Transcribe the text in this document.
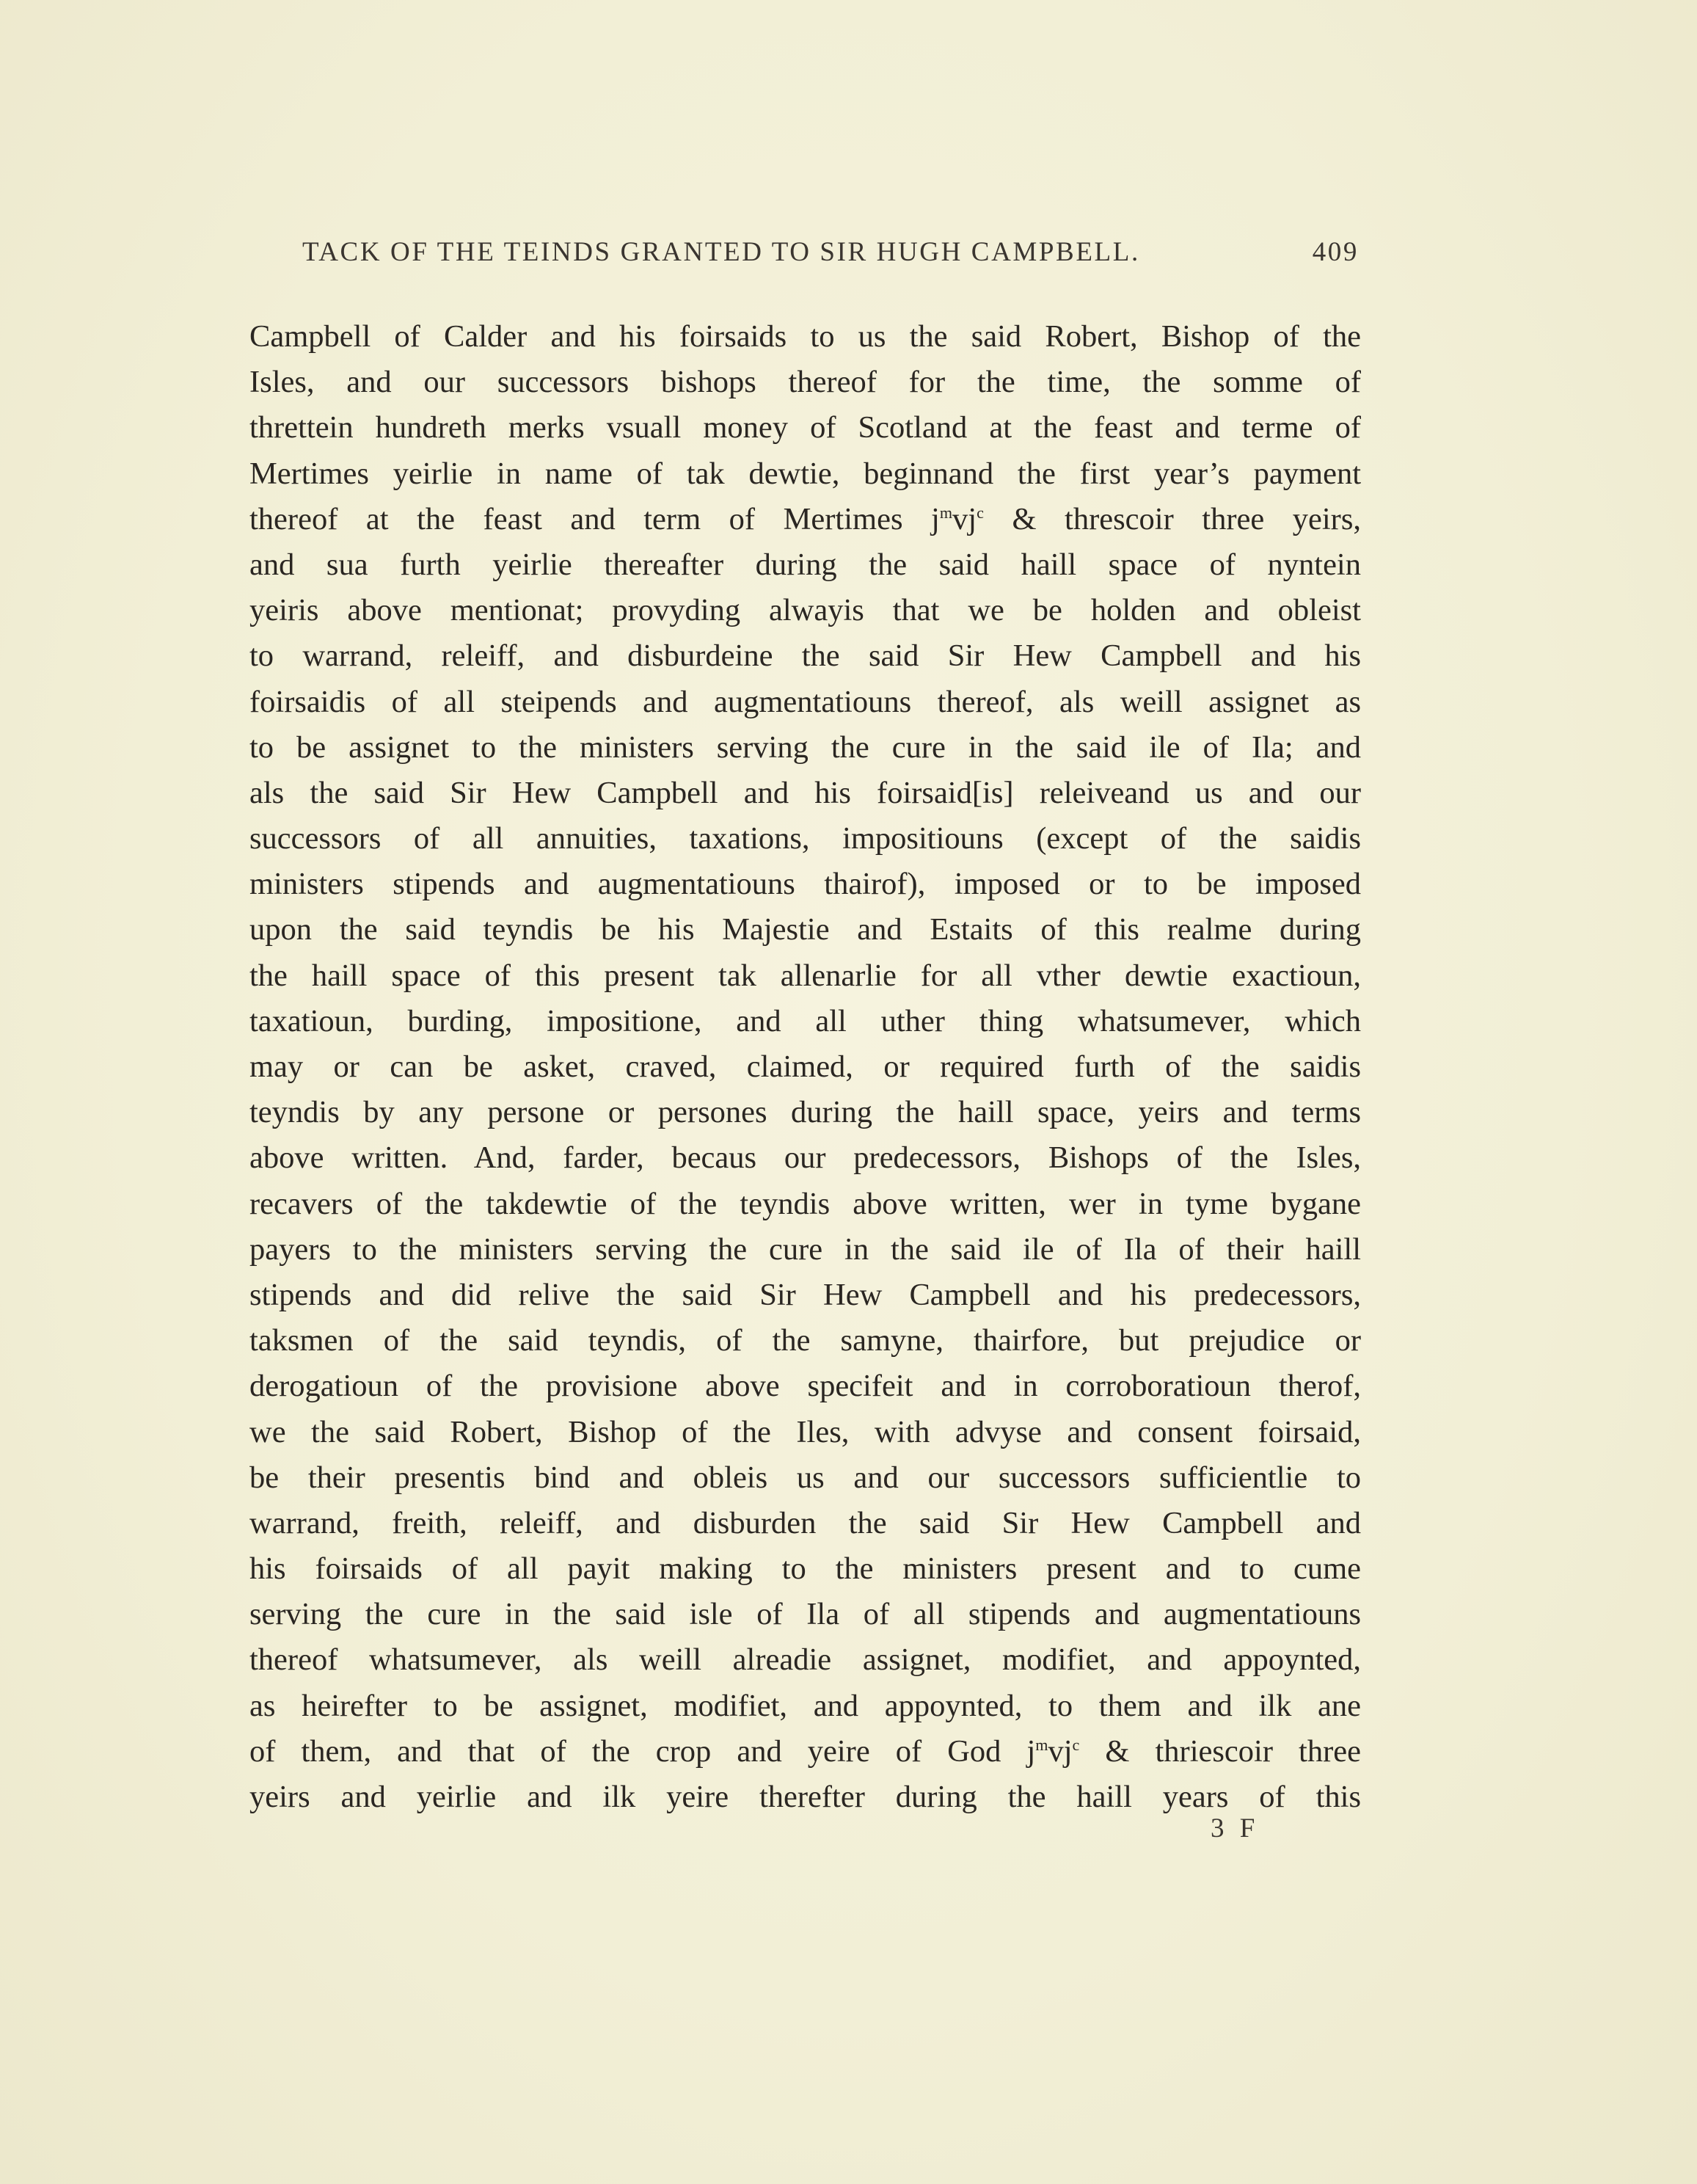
TACK OF THE TEINDS GRANTED TO SIR HUGH CAMPBELL.	409
Campbell of Calder and his foirsaids to us the said Robert, Bishop of the
Isles, and our successors bishops thereof for the time, the somme of
threttein hundreth merks vsuall money of Scotland at the feast and terme of
Mertimes yeirlie in name of tak dewtie, beginnand the first year’s payment
thereof at the feast and term of Mertimes $j^mvj^c$ & threscoir three yeirs,
and sua furth yeirlie thereafter during the said haill space of nyntein
yeiris above mentionat; provyding alwayis that we be holden and obleist
to warrand, releiff, and disburdeine the said Sir Hew Campbell and his
foirsaidis of all steipends and augmentatiouns thereof, als weill assignet as
to be assignet to the ministers serving the cure in the said ile of Ila; and
als the said Sir Hew Campbell and his foirsaid[is] releiveand us and our
successors of all annuities, taxations, impositiouns (except of the saidis
ministers stipends and augmentatiouns thairof), imposed or to be imposed
upon the said teyndis be his Majestie and Estaits of this realme during
the haill space of this present tak allenarlie for all vther dewtie exactioun,
taxatioun, burding, impositione, and all uther thing whatsumever, which
may or can be asket, craved, claimed, or required furth of the saidis
teyndis by any persone or persones during the haill space, yeirs and terms
above written. And, farder, becaus our predecessors, Bishops of the Isles,
recavers of the takdewtie of the teyndis above written, wer in tyme bygane
payers to the ministers serving the cure in the said ile of Ila of their haill
stipends and did relive the said Sir Hew Campbell and his predecessors,
taksmen of the said teyndis, of the samyne, thairfore, but prejudice or
derogatioun of the provisione above specifeit and in corroboratioun therof,
we the said Robert, Bishop of the Iles, with advyse and consent foirsaid,
be their presentis bind and obleis us and our successors sufficientlie to
warrand, freith, releiff, and disburden the said Sir Hew Campbell and
his foirsaids of all payit making to the ministers present and to cume
serving the cure in the said isle of Ila of all stipends and augmentatiouns
thereof whatsumever, als weill alreadie assignet, modifiet, and appoynted,
as heirefter to be assignet, modifiet, and appoynted, to them and ilk ane
of them, and that of the crop and yeire of God $j^mvj^c$ & thriescoir three
yeirs and yeirlie and ilk yeire therefter during the haill years of this
3 F
